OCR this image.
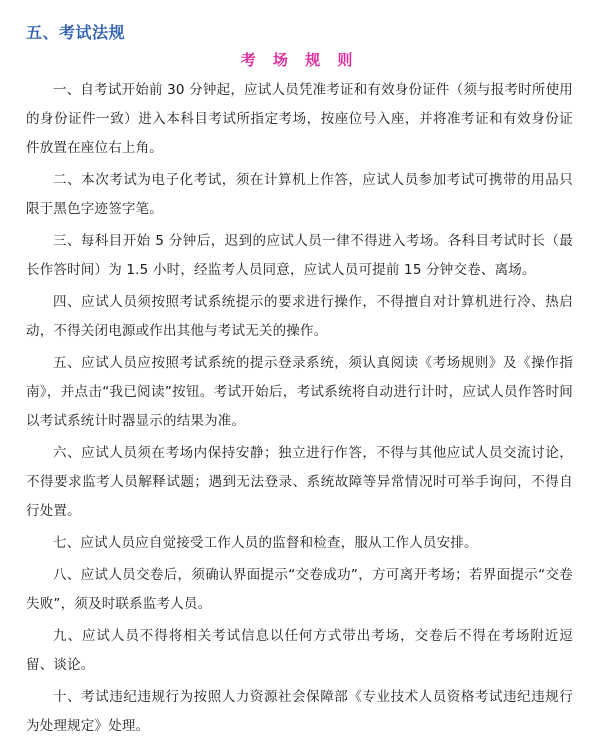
五、考试法规
考 场 规 则

一、自考试开始前 30 分钟起，应试人员凭准考证和有效身份证件（须与报考时所使用的身份证件一致）进入本科目考试所指定考场，按座位号入座，并将准考证和有效身份证件放置在座位右上角。

二、本次考试为电子化考试，须在计算机上作答，应试人员参加考试可携带的用品只限于黑色字迹签字笔。

三、每科目开始 5 分钟后，迟到的应试人员一律不得进入考场。各科目考试时长（最长作答时间）为 1.5 小时，经监考人员同意，应试人员可提前 15 分钟交卷、离场。

四、应试人员须按照考试系统提示的要求进行操作，不得擅自对计算机进行冷、热启动，不得关闭电源或作出其他与考试无关的操作。

五、应试人员应按照考试系统的提示登录系统，须认真阅读《考场规则》及《操作指南》，并点击“我已阅读”按钮。考试开始后，考试系统将自动进行计时，应试人员作答时间以考试系统计时器显示的结果为准。

六、应试人员须在考场内保持安静；独立进行作答，不得与其他应试人员交流讨论，不得要求监考人员解释试题；遇到无法登录、系统故障等异常情况时可举手询问，不得自行处置。

七、应试人员应自觉接受工作人员的监督和检查，服从工作人员安排。

八、应试人员交卷后，须确认界面提示“交卷成功”，方可离开考场；若界面提示“交卷失败”，须及时联系监考人员。

九、应试人员不得将相关考试信息以任何方式带出考场，交卷后不得在考场附近逗留、谈论。

十、考试违纪违规行为按照人力资源社会保障部《专业技术人员资格考试违纪违规行为处理规定》处理。
